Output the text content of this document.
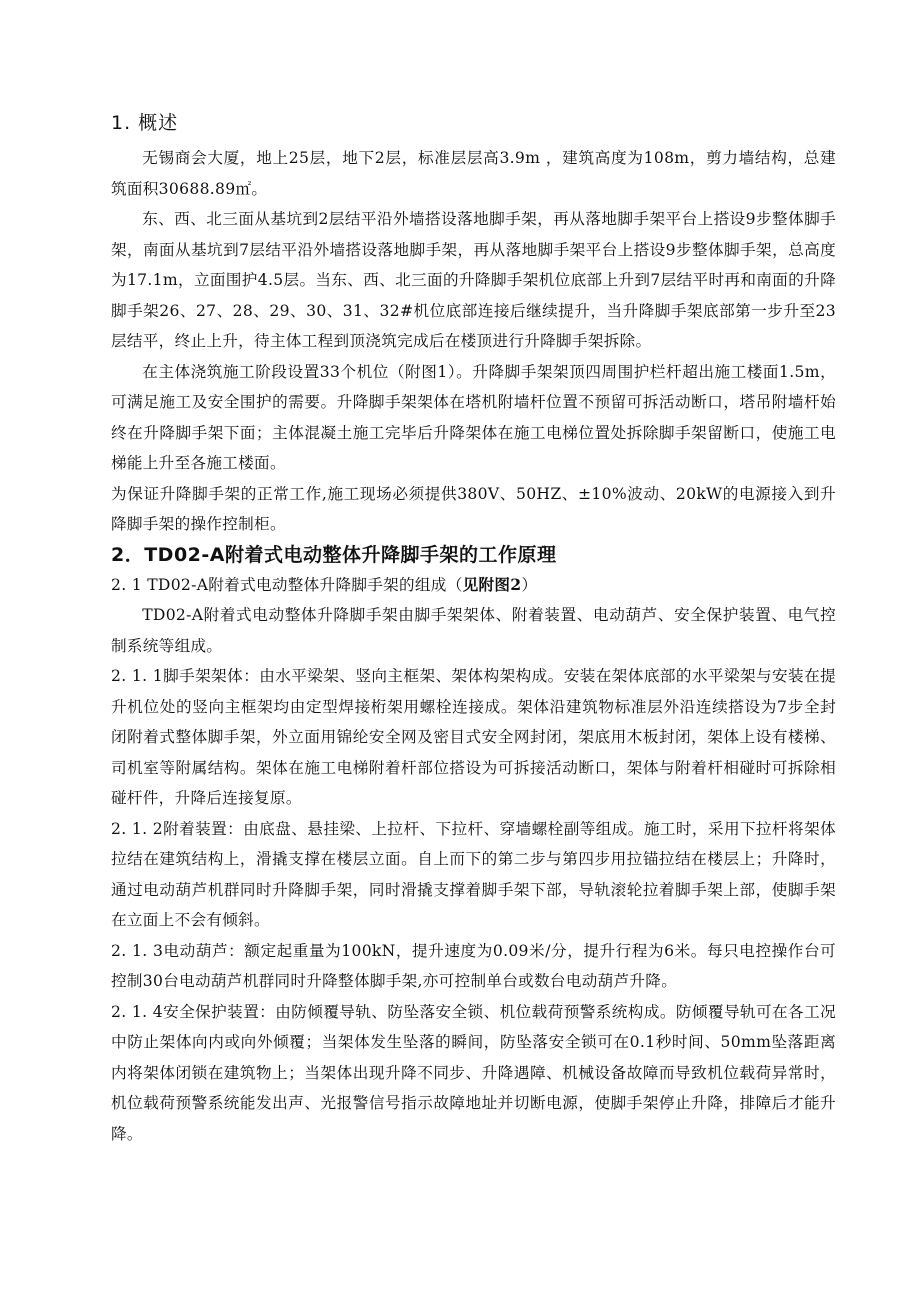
1. 概述

无锡商会大厦，地上25层，地下2层，标准层层高3.9m ，建筑高度为108m，剪力墙结构，总建筑面积30688.89㎡。

东、西、北三面从基坑到2层结平沿外墙搭设落地脚手架，再从落地脚手架平台上搭设9步整体脚手架，南面从基坑到7层结平沿外墙搭设落地脚手架，再从落地脚手架平台上搭设9步整体脚手架，总高度为17.1m，立面围护4.5层。当东、西、北三面的升降脚手架机位底部上升到7层结平时再和南面的升降脚手架26、27、28、29、30、31、32#机位底部连接后继续提升，当升降脚手架底部第一步升至23层结平，终止上升，待主体工程到顶浇筑完成后在楼顶进行升降脚手架拆除。

在主体浇筑施工阶段设置33个机位（附图1）。升降脚手架架顶四周围护栏杆超出施工楼面1.5m，可满足施工及安全围护的需要。升降脚手架架体在塔机附墙杆位置不预留可拆活动断口，塔吊附墙杆始终在升降脚手架下面；主体混凝土施工完毕后升降架体在施工电梯位置处拆除脚手架留断口，使施工电梯能上升至各施工楼面。

为保证升降脚手架的正常工作,施工现场必须提供380V、50HZ、±10%波动、20kW的电源接入到升降脚手架的操作控制柜。

2．TD02-A附着式电动整体升降脚手架的工作原理

2. 1 TD02-A附着式电动整体升降脚手架的组成（见附图2）

TD02-A附着式电动整体升降脚手架由脚手架架体、附着装置、电动葫芦、安全保护装置、电气控制系统等组成。

2. 1. 1脚手架架体：由水平梁架、竖向主框架、架体构架构成。安装在架体底部的水平梁架与安装在提升机位处的竖向主框架均由定型焊接桁架用螺栓连接成。架体沿建筑物标准层外沿连续搭设为7步全封闭附着式整体脚手架，外立面用锦纶安全网及密目式安全网封闭，架底用木板封闭，架体上设有楼梯、司机室等附属结构。架体在施工电梯附着杆部位搭设为可拆接活动断口，架体与附着杆相碰时可拆除相碰杆件，升降后连接复原。

2. 1. 2附着装置：由底盘、悬挂梁、上拉杆、下拉杆、穿墙螺栓副等组成。施工时，采用下拉杆将架体拉结在建筑结构上，滑撬支撑在楼层立面。自上而下的第二步与第四步用拉锚拉结在楼层上；升降时，通过电动葫芦机群同时升降脚手架，同时滑撬支撑着脚手架下部，导轨滚轮拉着脚手架上部，使脚手架在立面上不会有倾斜。

2. 1. 3电动葫芦：额定起重量为100kN，提升速度为0.09米/分，提升行程为6米。每只电控操作台可控制30台电动葫芦机群同时升降整体脚手架,亦可控制单台或数台电动葫芦升降。

2. 1. 4安全保护装置：由防倾覆导轨、防坠落安全锁、机位载荷预警系统构成。防倾覆导轨可在各工况中防止架体向内或向外倾覆；当架体发生坠落的瞬间，防坠落安全锁可在0.1秒时间、50mm坠落距离内将架体闭锁在建筑物上；当架体出现升降不同步、升降遇障、机械设备故障而导致机位载荷异常时，机位载荷预警系统能发出声、光报警信号指示故障地址并切断电源，使脚手架停止升降，排障后才能升降。
